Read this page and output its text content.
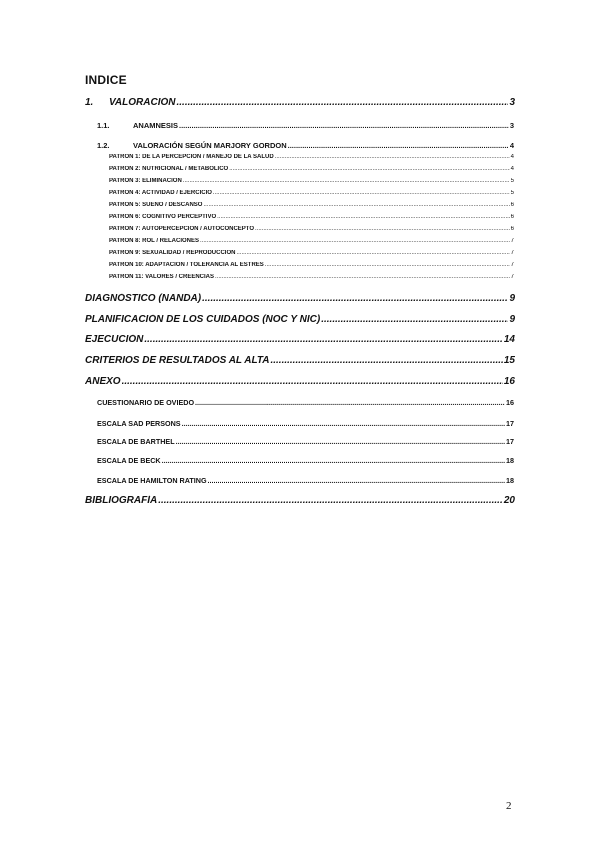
INDICE
1.	VALORACIÓN .....	3
1.1.	ANAMNESIS .....	3
1.2.	VALORACIÓN SEGÚN MARJORY GORDON .....	4
PATRÓN 1: DE LA PERCEPCIÓN / MANEJO DE LA SALUD .....	4
PATRÓN 2: NUTRICIONAL / METABÓLICO .....	4
PATRÓN 3: ELIMINACIÓN .....	5
PATRÓN 4: ACTIVIDAD / EJERCICIO .....	5
PATRÓN 5: SUEÑO / DESCANSO .....	6
PATRÓN 6: COGNITIVO PERCEPTIVO .....	6
PATRÓN 7: AUTOPERCEPCIÓN / AUTOCONCEPTO .....	6
PATRÓN 8: ROL / RELACIONES .....	7
PATRÓN 9: SEXUALIDAD / REPRODUCCIÓN .....	7
PATRÓN 10: ADAPTACIÓN / TOLERANCIA AL ESTRÉS .....	7
PATRÓN 11: VALORES / CREENCIAS .....	7
DIAGNÓSTICO (NANDA) .....	9
PLANIFICACIÓN DE LOS CUIDADOS (NOC Y NIC) .....	9
EJECUCIÓN .....	14
CRITERIOS DE RESULTADOS AL ALTA .....	15
ANEXO .....	16
CUESTIONARIO DE OVIEDO .....	16
ESCALA SAD PERSONS .....	17
ESCALA DE BARTHEL .....	17
ESCALA DE BECK .....	18
ESCALA DE HAMILTON RATING .....	18
BIBLIOGRAFÍA .....	20
2
